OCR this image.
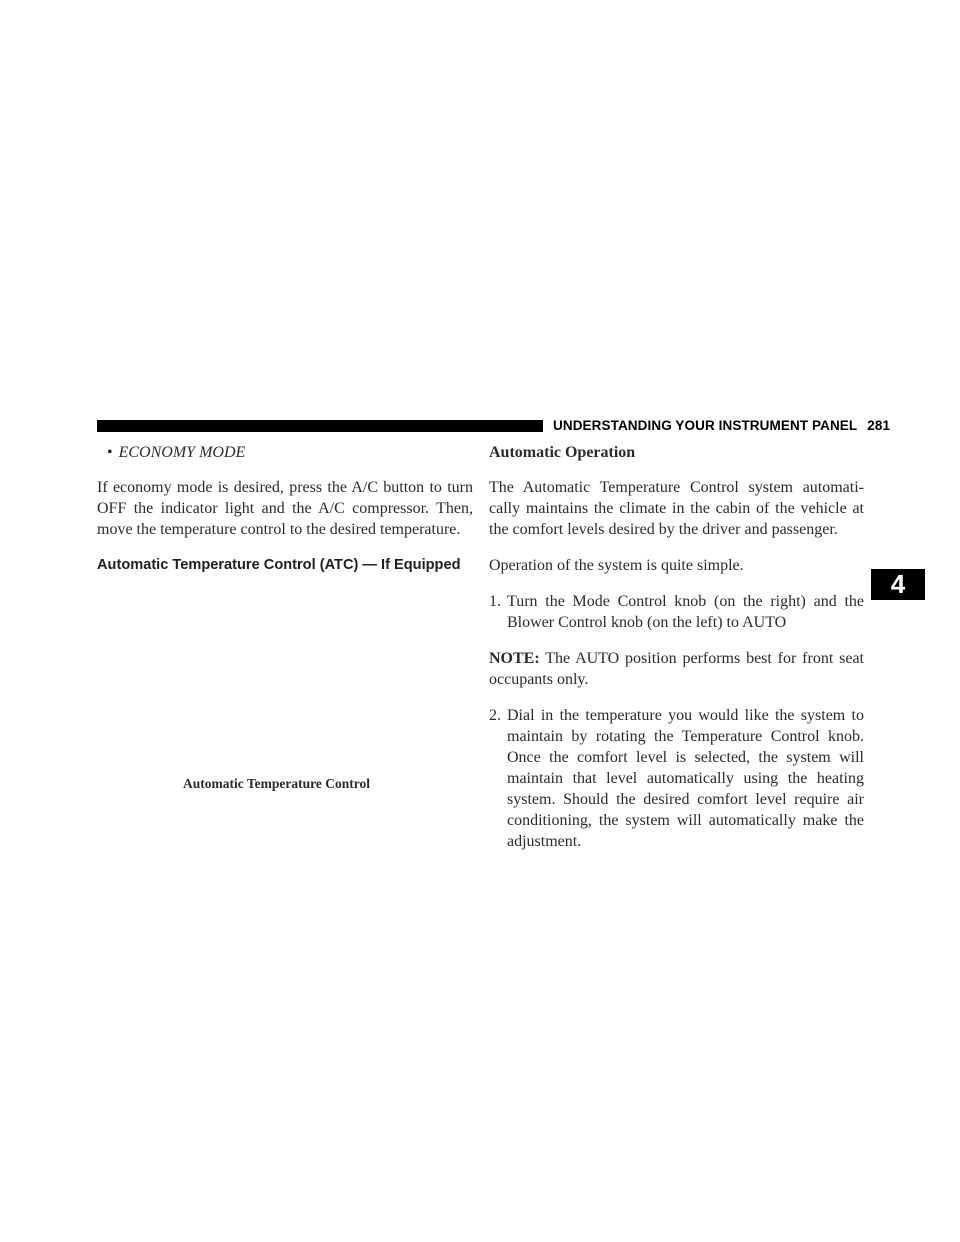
UNDERSTANDING YOUR INSTRUMENT PANEL 281
• ECONOMY MODE

If economy mode is desired, press the A/C button to turn OFF the indicator light and the A/C compressor. Then, move the temperature control to the desired temperature.

Automatic Temperature Control (ATC) — If Equipped
Automatic Temperature Control
Automatic Operation

The Automatic Temperature Control system automati- cally maintains the climate in the cabin of the vehicle at the comfort levels desired by the driver and passenger.

Operation of the system is quite simple.

1. Turn the Mode Control knob (on the right) and the Blower Control knob (on the left) to AUTO

NOTE: The AUTO position performs best for front seat occupants only.

2. Dial in the temperature you would like the system to maintain by rotating the Temperature Control knob. Once the comfort level is selected, the system will maintain that level automatically using the heating system. Should the desired comfort level require air conditioning, the system will automatically make the adjustment.
4
